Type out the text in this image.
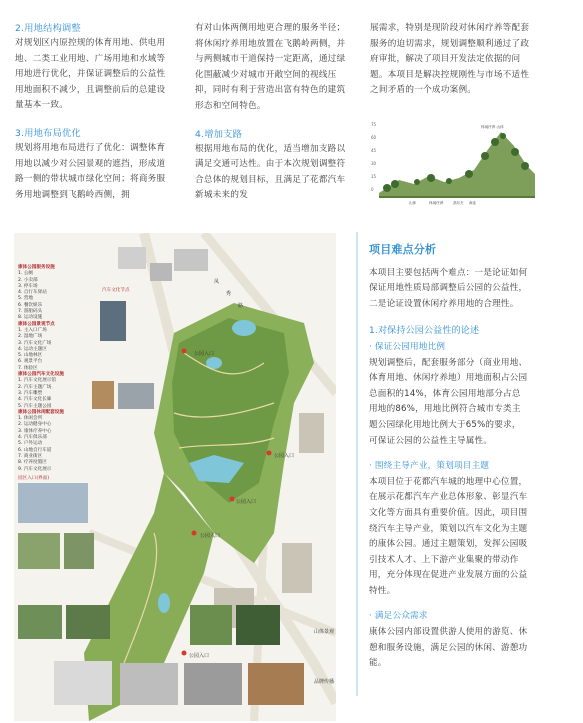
2.用地结构调整

对规划区内原控规的体育用地、供电用地、二类工业用地、广场用地和水域等用地进行优化，并保证调整后的公益性用地面积不减少，且调整前后的总建设量基本一致。

3.用地布局优化

规划将用地布局进行了优化：调整体育用地以减少对公园景观的遮挡，形成道路一侧的带状城市绿化空间；将商务服务用地调整到飞鹅岭西侧，拥

有对山体两侧用地更合理的服务半径；将休闲疗养用地放置在飞鹅岭两侧，并与两侧城市干道保持一定距离，通过绿化围蔽减少对城市开敞空间的视线压抑，同时有利于营造出富有特色的建筑形态和空间特色。

4.增加支路

根据用地布局的优化，适当增加支路以满足交通可达性。由于本次规划调整符合总体的规划目标，且满足了花都汽车新城未来的发

展需求，特别是现阶段对休闲疗养等配套服务的迫切需求，规划调整顺利通过了政府审批，解决了项目开发法定依据的问题。本项目是解决控规刚性与市场不适性之间矛盾的一个成功案例。

75
60
45
30
15
0
山体	休闲疗养	高尔夫 商业
休闲疗养 山体
公园入口
公园入口
公园入口
公园入口
公园入口
凤
秀
路
山体景观
品牌传播
康体公园服务设施
1. 公厕
2. 小卖部
3. 停车场
4. 自行车驿站
5. 营地
6. 餐饮娱乐
7. 游船码头
8. 运动设施
康体公园景观节点
1. 主入口广场
2. 湿地广场
3. 汽车文化广场
4. 运动主题区
5. 山地林区
6. 观景平台
7. 体验区
康体公园汽车文化设施
1. 汽车文化展示馆
2. 汽车主题广场
3. 汽车雕塑
4. 汽车文化长廊
5. 汽车主题公园
康体公园休闲配套设施
1. 休闲会所
2. 运动健身中心
3. 康体疗养中心
4. 汽车俱乐部
5. 户外运动
6. 山地自行车道
7. 商业街区
8. 疗养度假区
9. 汽车文化展示
汽车文化节点
园区入口(界面)

项目难点分析

本项目主要包括两个难点：一是论证如何保证用地性质局部调整后公园的公益性，二是论证设置休闲疗养用地的合理性。

1.对保持公园公益性的论述

· 保证公园用地比例

规划调整后，配套服务部分（商业用地、体育用地、休闲疗养地）用地面积占公园总面积的14%，体育公园用地部分占总用地的86%，用地比例符合城市专类主题公园绿化用地比例大于65%的要求，可保证公园的公益性主导属性。

· 围绕主导产业，策划项目主题

本项目位于花都汽车城的地理中心位置，在展示花都汽车产业总体形象、彰显汽车文化等方面具有重要价值。因此，项目围绕汽车主导产业，策划以汽车文化为主题的康体公园。通过主题策划，发挥公园吸引技术人才、上下游产业集聚的带动作用，充分体现在促进产业发展方面的公益特性。

· 满足公众需求

康体公园内部设置供游人使用的游览、休憩和服务设施，满足公园的休闲、游憩功能。
